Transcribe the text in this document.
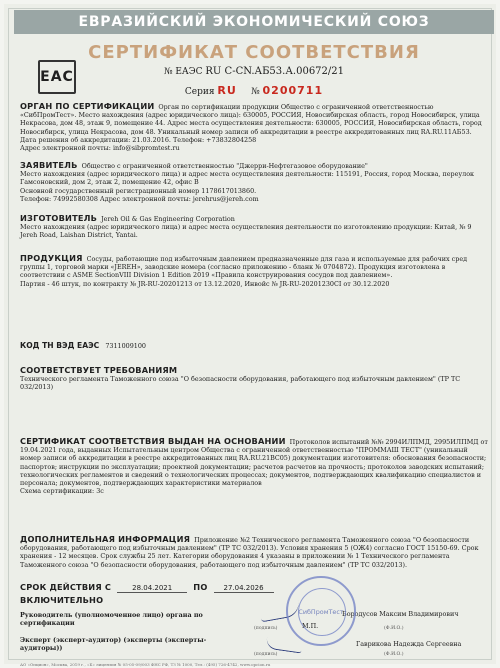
ЕВРАЗИЙСКИЙ ЭКОНОМИЧЕСКИЙ СОЮЗ
СЕРТИФИКАТ СООТВЕТСТВИЯ
EAC	№ ЕАЭС RU С-CN.АБ53.А.00672/21
Серия RU № 0200711
ОРГАН ПО СЕРТИФИКАЦИИ Орган по сертификации продукции Общество с ограниченной ответственностью «СибПромТест». Место нахождения (адрес юридического лица): 630005, РОССИЯ, Новосибирская область, город Новосибирск, улица Некрасова, дом 48, этаж 9, помещение 44. Адрес места осуществления деятельности: 630005, РОССИЯ, Новосибирская область, город Новосибирск, улица Некрасова, дом 48. Уникальный номер записи об аккредитации в реестре аккредитованных лиц RA.RU.11АБ53. Дата решения об аккредитации: 21.03.2016. Телефон: +73832804258
Адрес электронной почты: info@sibpromtest.ru
ЗАЯВИТЕЛЬ Общество с ограниченной ответственностью "Джерри-Нефтегазовое оборудование"
Место нахождения (адрес юридического лица) и адрес места осуществления деятельности: 115191, Россия, город Москва, переулок Гамсоновский, дом 2, этаж 2, помещение 42, офис В
Основной государственный регистрационный номер 1178617013860.
Телефон: 74992580308 Адрес электронной почты: jerehrus@jereh.com
ИЗГОТОВИТЕЛЬ Jereh Oil & Gas Engineering Corporation
Место нахождения (адрес юридического лица) и адрес места осуществления деятельности по изготовлению продукции: Китай, № 9 Jereh Road, Laishan District, Yantai.
ПРОДУКЦИЯ Сосуды, работающие под избыточным давлением предназначенные для газа и используемые для рабочих сред группы 1, торговой марки «JEREH», заводские номера (согласно приложению - бланк № 0704872). Продукция изготовлена в соответствии с ASME SectionVIII Division 1 Edition 2019 «Правила конструирования сосудов под давлением».
Партия - 46 штук, по контракту № JR-RU-20201213 от 13.12.2020, Инвойс № JR-RU-20201230CI от 30.12.2020
КОД ТН ВЭД ЕАЭС 7311009100
СООТВЕТСТВУЕТ ТРЕБОВАНИЯМ
Технического регламента Таможенного союза "О безопасности оборудования, работающего под избыточным давлением" (ТР ТС 032/2013)
СЕРТИФИКАТ СООТВЕТСТВИЯ ВЫДАН НА ОСНОВАНИИ Протоколов испытаний №№ 2994ИЛПМД, 2995ИЛПМД от 19.04.2021 года, выданных Испытательным центром Общества с ограниченной ответственностью "ПРОММАШ ТЕСТ" (уникальный номер записи об аккредитации в реестре аккредитованных лиц RA.RU.21ВС05) документации изготовителя: обоснования безопасности; паспортов; инструкции по эксплуатации; проектной документации; расчетов расчетов на прочность; протоколов заводских испытаний; технологических регламентов и сведений о технологических процессах; документов, подтверждающих квалификацию специалистов и персонала; документов, подтверждающих характеристики материалов
Схема сертификации: 3с
ДОПОЛНИТЕЛЬНАЯ ИНФОРМАЦИЯ Приложение №2 Технического регламента Таможенного союза "О безопасности оборудования, работающего под избыточным давлением" (ТР ТС 032/2013). Условия хранения 5 (ОЖ4) согласно ГОСТ 15150-69. Срок хранения - 12 месяцев. Срок службы 25 лет. Категории оборудования 4 указаны в приложении № 1 Технического регламента Таможенного союза "О безопасности оборудования, работающего под избыточным давлением" (ТР ТС 032/2013).
СРОК ДЕЙСТВИЯ С	28.04.2021	ПО 27.04.2026
ВКЛЮЧИТЕЛЬНО
Руководитель (уполномоченное лицо) органа по сертификации
Бородусов Максим Владимирович
(подпись)	(Ф.И.О.)
Эксперт (эксперт-аудитор) (эксперты (эксперты-аудиторы))	Гаврикова Надежда Сергеевна
(подпись)	(Ф.И.О.)
СибПромТест
М.П.
АО «Опцион», Москва, 2019 г., «Б» лицензия № 05-05-09/003 ФНС РФ, ТЗ № 1000, Тел.: (495) 726-4742, www.opcion.ru
